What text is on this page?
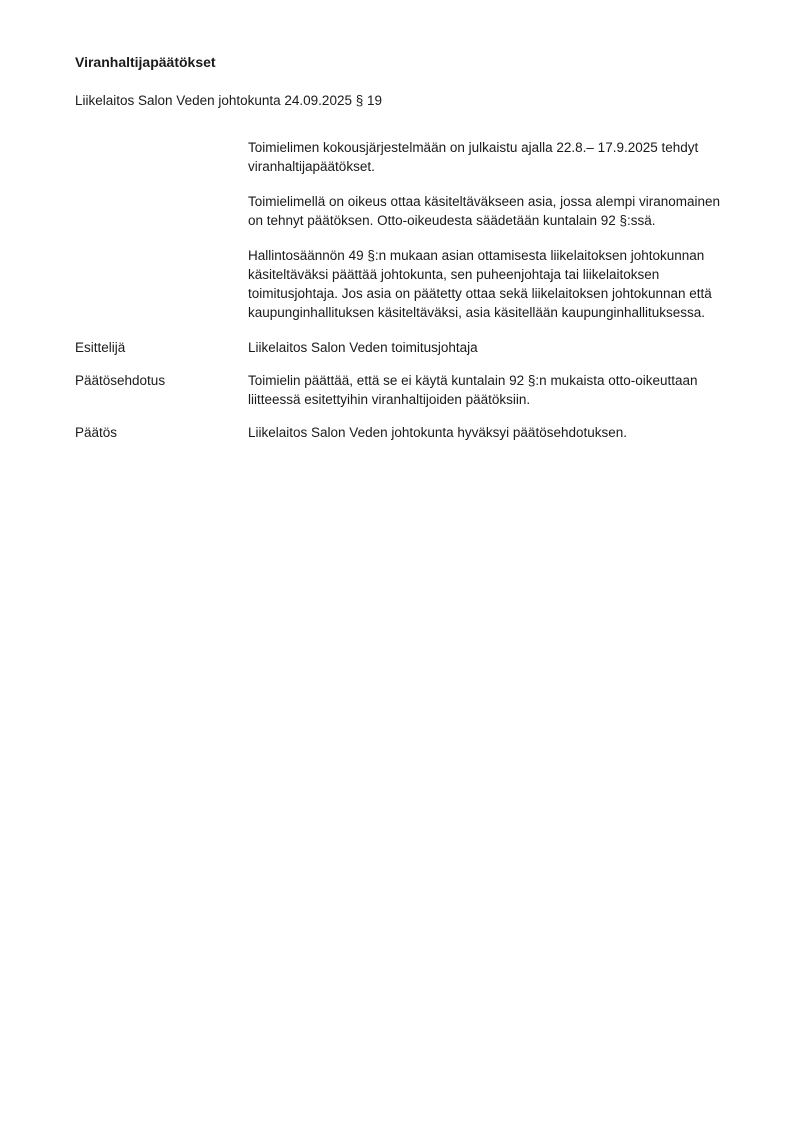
Viranhaltijapäätökset
Liikelaitos Salon Veden johtokunta 24.09.2025 § 19

Toimielimen kokousjärjestelmään on julkaistu ajalla 22.8.– 17.9.2025 tehdyt viranhaltijapäätökset.

Toimielimellä on oikeus ottaa käsiteltäväkseen asia, jossa alempi viranomainen on tehnyt päätöksen. Otto-oikeudesta säädetään kuntalain 92 §:ssä.

Hallintosäännön 49 §:n mukaan asian ottamisesta liikelaitoksen johtokunnan käsiteltäväksi päättää johtokunta, sen puheenjohtaja tai liikelaitoksen toimitusjohtaja. Jos asia on päätetty ottaa sekä liikelaitoksen johtokunnan että kaupunginhallituksen käsiteltäväksi, asia käsitellään kaupunginhallituksessa.

Esittelijä	Liikelaitos Salon Veden toimitusjohtaja
Päätösehdotus	Toimielin päättää, että se ei käytä kuntalain 92 §:n mukaista otto-oikeuttaan liitteessä esitettyihin viranhaltijoiden päätöksiin.
Päätös	Liikelaitos Salon Veden johtokunta hyväksyi päätösehdotuksen.
